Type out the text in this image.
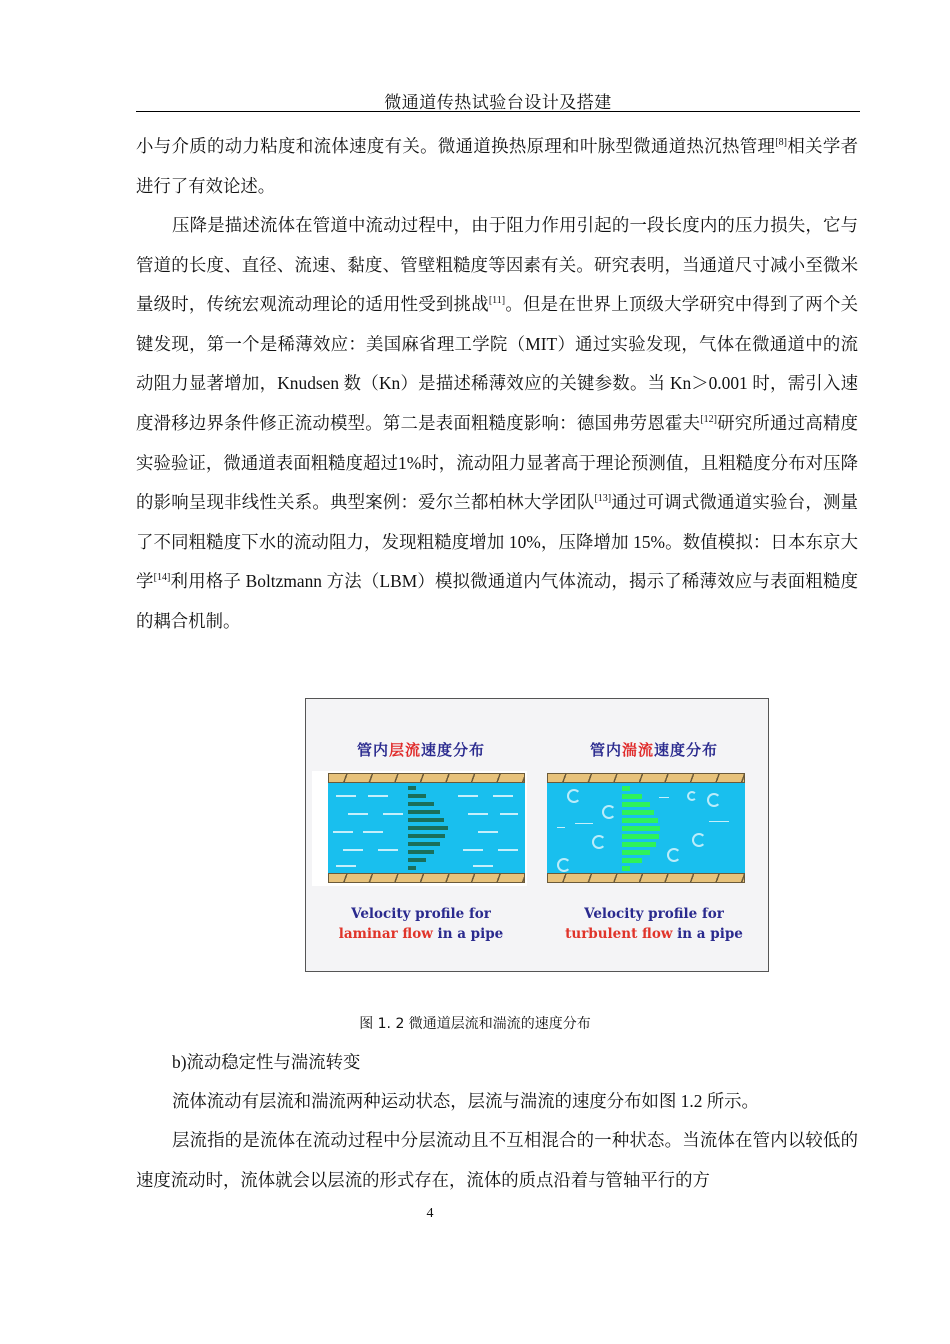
微通道传热试验台设计及搭建
小与介质的动力粘度和流体速度有关。微通道换热原理和叶脉型微通道热沉热管理[8]相关学者进行了有效论述。
压降是描述流体在管道中流动过程中，由于阻力作用引起的一段长度内的压力损失，它与管道的长度、直径、流速、黏度、管壁粗糙度等因素有关。研究表明，当通道尺寸减小至微米量级时，传统宏观流动理论的适用性受到挑战[11]。但是在世界上顶级大学研究中得到了两个关键发现，第一个是稀薄效应：美国麻省理工学院（MIT）通过实验发现，气体在微通道中的流动阻力显著增加，Knudsen 数（Kn）是描述稀薄效应的关键参数。当 Kn＞0.001 时，需引入速度滑移边界条件修正流动模型。第二是表面粗糙度影响：德国弗劳恩霍夫[12]研究所通过高精度实验验证，微通道表面粗糙度超过1%时，流动阻力显著高于理论预测值，且粗糙度分布对压降的影响呈现非线性关系。典型案例：爱尔兰都柏林大学团队[13]通过可调式微通道实验台，测量了不同粗糙度下水的流动阻力，发现粗糙度增加 10%，压降增加 15%。数值模拟：日本东京大学[14]利用格子 Boltzmann 方法（LBM）模拟微通道内气体流动，揭示了稀薄效应与表面粗糙度的耦合机制。
管内层流速度分布
Velocity profile for
laminar flow in a pipe
管内湍流速度分布
Velocity profile for
turbulent flow in a pipe
图 1. 2 微通道层流和湍流的速度分布
b)流动稳定性与湍流转变
流体流动有层流和湍流两种运动状态，层流与湍流的速度分布如图 1.2 所示。
层流指的是流体在流动过程中分层流动且不互相混合的一种状态。当流体在管内以较低的速度流动时，流体就会以层流的形式存在，流体的质点沿着与管轴平行的方
4
